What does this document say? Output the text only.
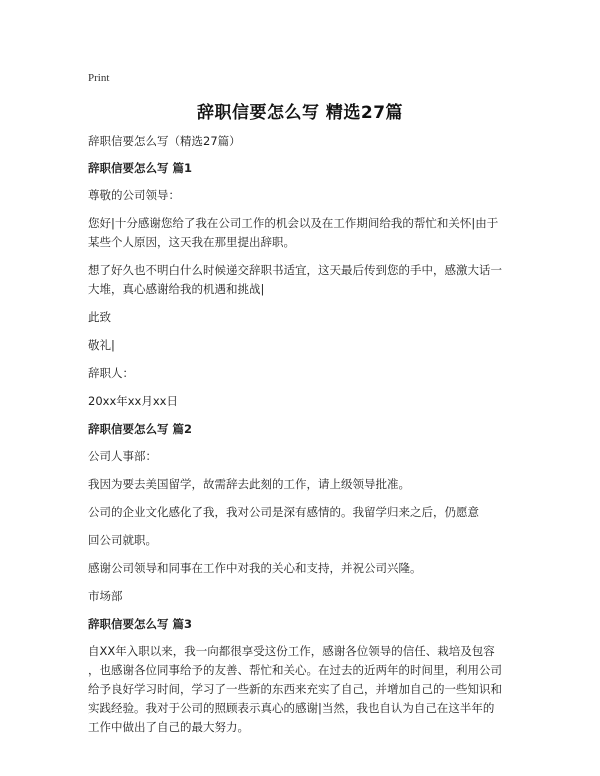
Print
辞职信要怎么写 精选27篇

辞职信要怎么写（精选27篇）

辞职信要怎么写 篇1

尊敬的公司领导：

您好|十分感谢您给了我在公司工作的机会以及在工作期间给我的帮忙和关怀|由于
某些个人原因，这天我在那里提出辞职。

想了好久也不明白什么时候递交辞职书适宜，这天最后传到您的手中，感激大话一
大堆，真心感谢给我的机遇和挑战|

此致

敬礼|

辞职人：

20xx年xx月xx日

辞职信要怎么写 篇2

公司人事部：

我因为要去美国留学，故需辞去此刻的工作，请上级领导批准。

公司的企业文化感化了我，我对公司是深有感情的。我留学归来之后，仍愿意

回公司就职。

感谢公司领导和同事在工作中对我的关心和支持，并祝公司兴隆。

市场部

辞职信要怎么写 篇3

自XX年入职以来，我一向都很享受这份工作，感谢各位领导的信任、栽培及包容
，也感谢各位同事给予的友善、帮忙和关心。在过去的近两年的时间里，利用公司
给予良好学习时间，学习了一些新的东西来充实了自己，并增加自己的一些知识和
实践经验。我对于公司的照顾表示真心的感谢|当然，我也自认为自己在这半年的
工作中做出了自己的最大努力。
